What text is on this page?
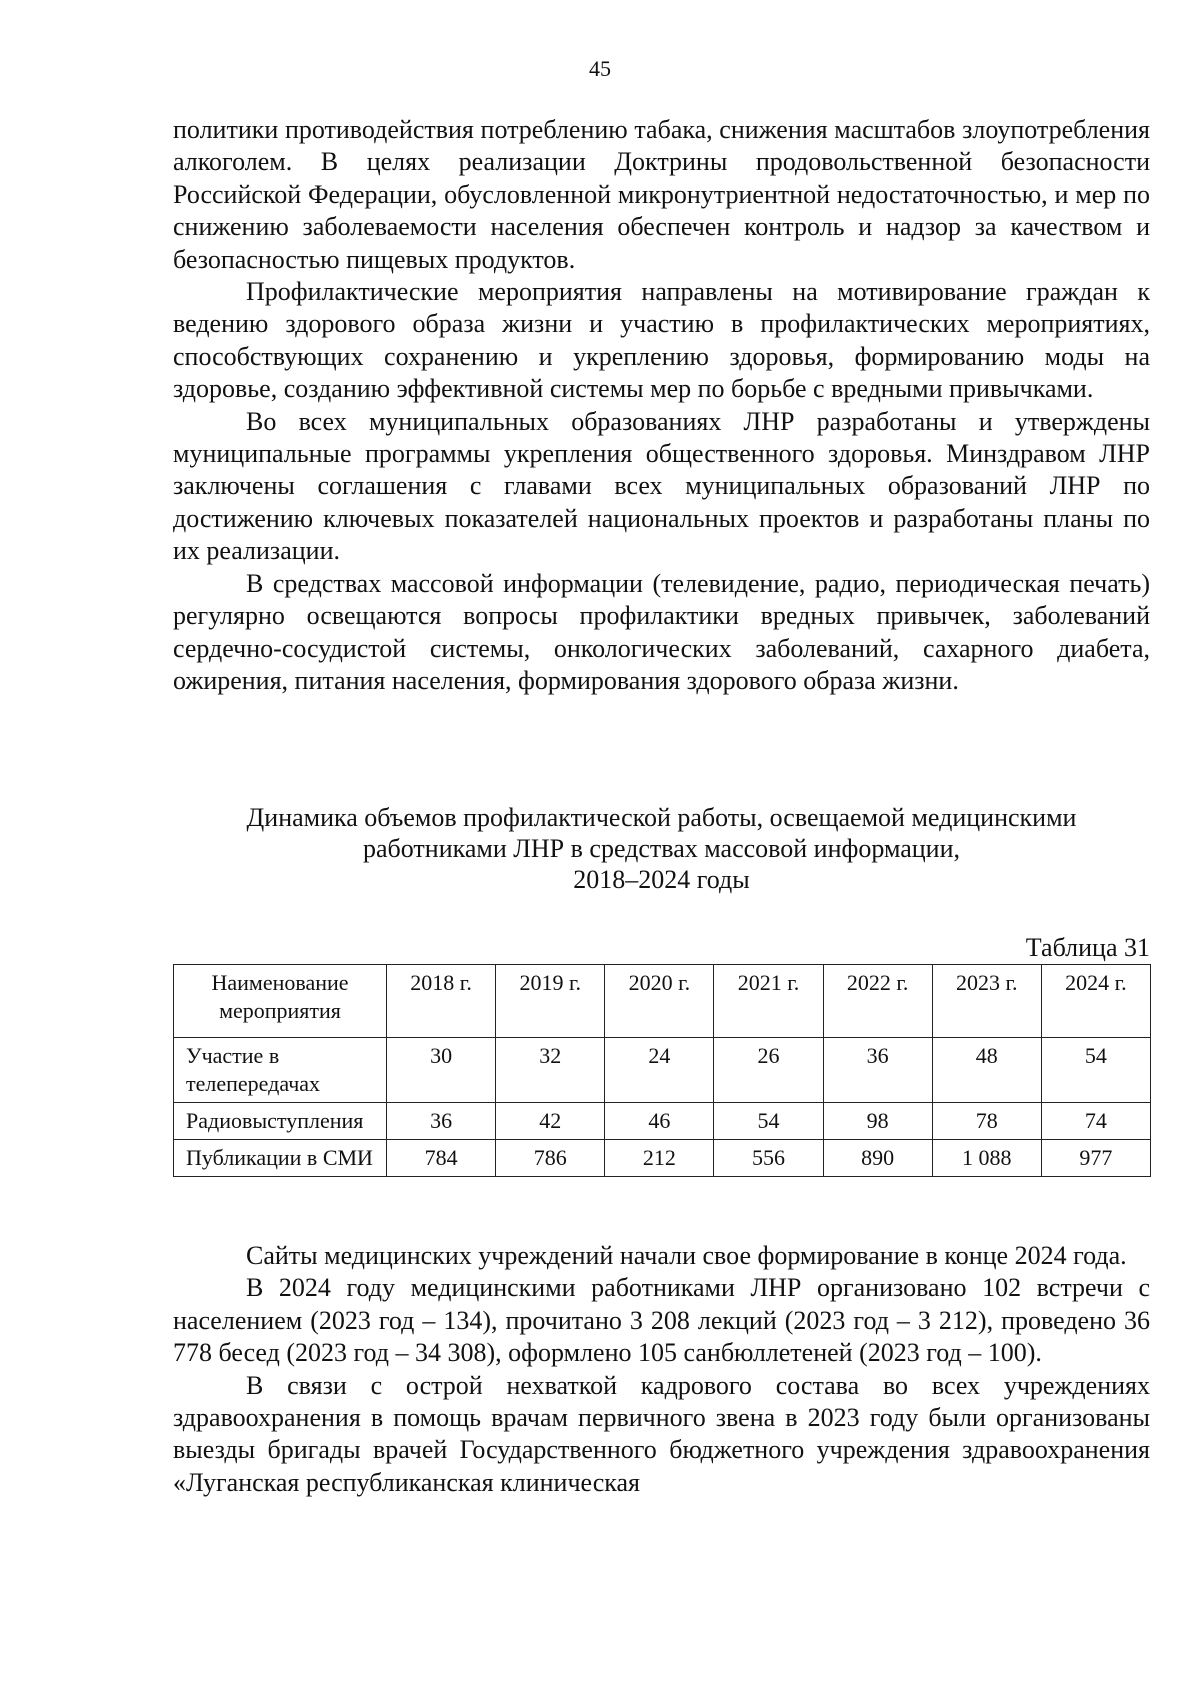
45

политики противодействия потреблению табака, снижения масштабов злоупотребления алкоголем. В целях реализации Доктрины продовольственной безопасности Российской Федерации, обусловленной микронутриентной недостаточностью, и мер по снижению заболеваемости населения обеспечен контроль и надзор за качеством и безопасностью пищевых продуктов.

Профилактические мероприятия направлены на мотивирование граждан к ведению здорового образа жизни и участию в профилактических мероприятиях, способствующих сохранению и укреплению здоровья, формированию моды на здоровье, созданию эффективной системы мер по борьбе с вредными привычками.

Во всех муниципальных образованиях ЛНР разработаны и утверждены муниципальные программы укрепления общественного здоровья. Минздравом ЛНР заключены соглашения с главами всех муниципальных образований ЛНР по достижению ключевых показателей национальных проектов и разработаны планы по их реализации.

В средствах массовой информации (телевидение, радио, периодическая печать) регулярно освещаются вопросы профилактики вредных привычек, заболеваний сердечно-сосудистой системы, онкологических заболеваний, сахарного диабета, ожирения, питания населения, формирования здорового образа жизни.

Динамика объемов профилактической работы, освещаемой медицинскими
работниками ЛНР в средствах массовой информации,
2018–2024 годы
Таблица 31
Наименование мероприятия	2018 г.	2019 г.	2020 г.	2021 г.	2022 г.	2023 г.	2024 г.
Участие в телепередачах	30	32	24	26	36	48	54
Радиовыступления	36	42	46	54	98	78	74
Публикации в СМИ	784	786	212	556	890	1 088	977

Сайты медицинских учреждений начали свое формирование в конце 2024 года.

В 2024 году медицинскими работниками ЛНР организовано 102 встречи с населением (2023 год – 134), прочитано 3 208 лекций (2023 год – 3 212), проведено 36 778 бесед (2023 год – 34 308), оформлено 105 санбюллетеней (2023 год – 100).

В связи с острой нехваткой кадрового состава во всех учреждениях здравоохранения в помощь врачам первичного звена в 2023 году были организованы выезды бригады врачей Государственного бюджетного учреждения здравоохранения «Луганская республиканская клиническая
